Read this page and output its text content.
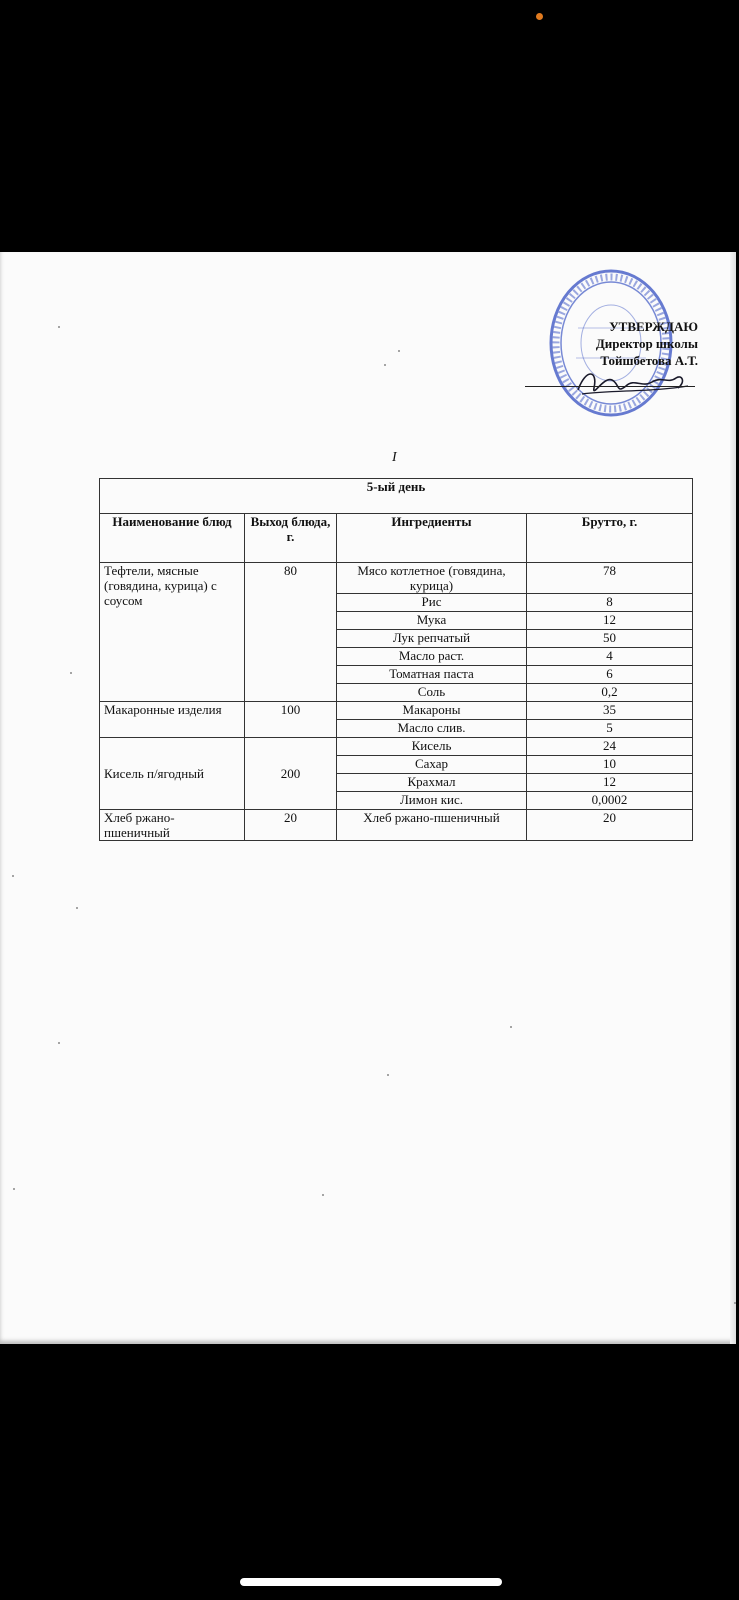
УТВЕРЖДАЮ
Директор школы
Тойшбетова А.Т.
I
5-ый день			
Наименование блюд	Выход блюда, г.	Ингредиенты	Брутто, г.
Тефтели, мясные (говядина, курица) с соусом	80	Мясо котлетное (говядина, курица)	78
		Рис	8
		Мука	12
		Лук репчатый	50
		Масло раст.	4
		Томатная паста	6
		Соль	0,2
Макаронные изделия	100	Макароны	35
		Масло слив.	5
Кисель п/ягодный	200	Кисель	24
		Сахар	10
		Крахмал	12
		Лимон кис.	0,0002
Хлеб ржано-пшеничный	20	Хлеб ржано-пшеничный	20
